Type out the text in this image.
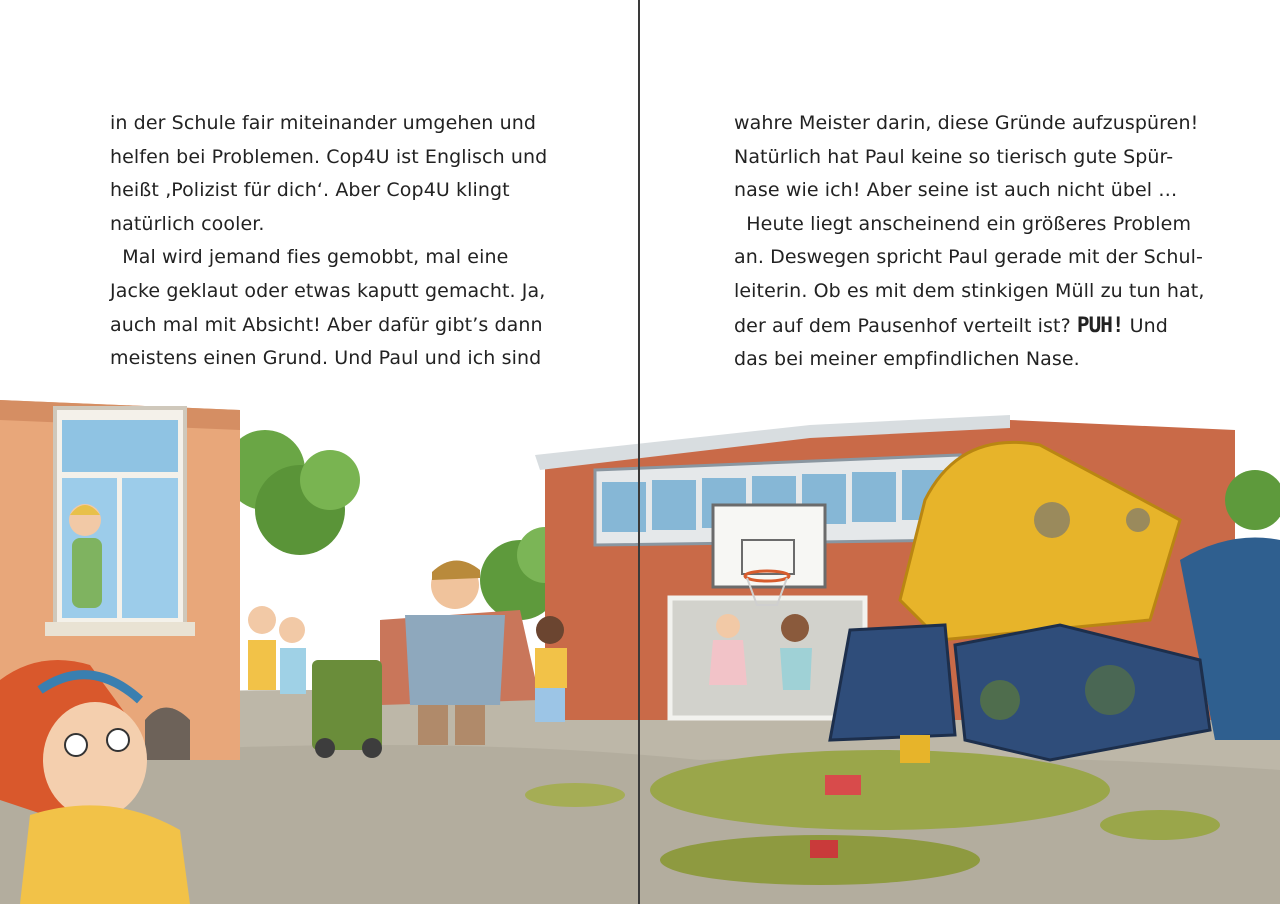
in der Schule fair miteinander umgehen und

helfen bei Problemen. Cop4U ist Englisch und

heißt ‚Polizist für dich‘. Aber Cop4U klingt

natürlich cooler.

Mal wird jemand fies gemobbt, mal eine

Jacke geklaut oder etwas kaputt gemacht. Ja,

auch mal mit Absicht! Aber dafür gibt’s dann

meistens einen Grund. Und Paul und ich sind

wahre Meister darin, diese Gründe aufzuspüren!

Natürlich hat Paul keine so tierisch gute Spür-

nase wie ich! Aber seine ist auch nicht übel …

Heute liegt anscheinend ein größeres Problem

an. Deswegen spricht Paul gerade mit der Schul-

leiterin. Ob es mit dem stinkigen Müll zu tun hat,

der auf dem Pausenhof verteilt ist? PUH! Und

das bei meiner empfindlichen Nase.
